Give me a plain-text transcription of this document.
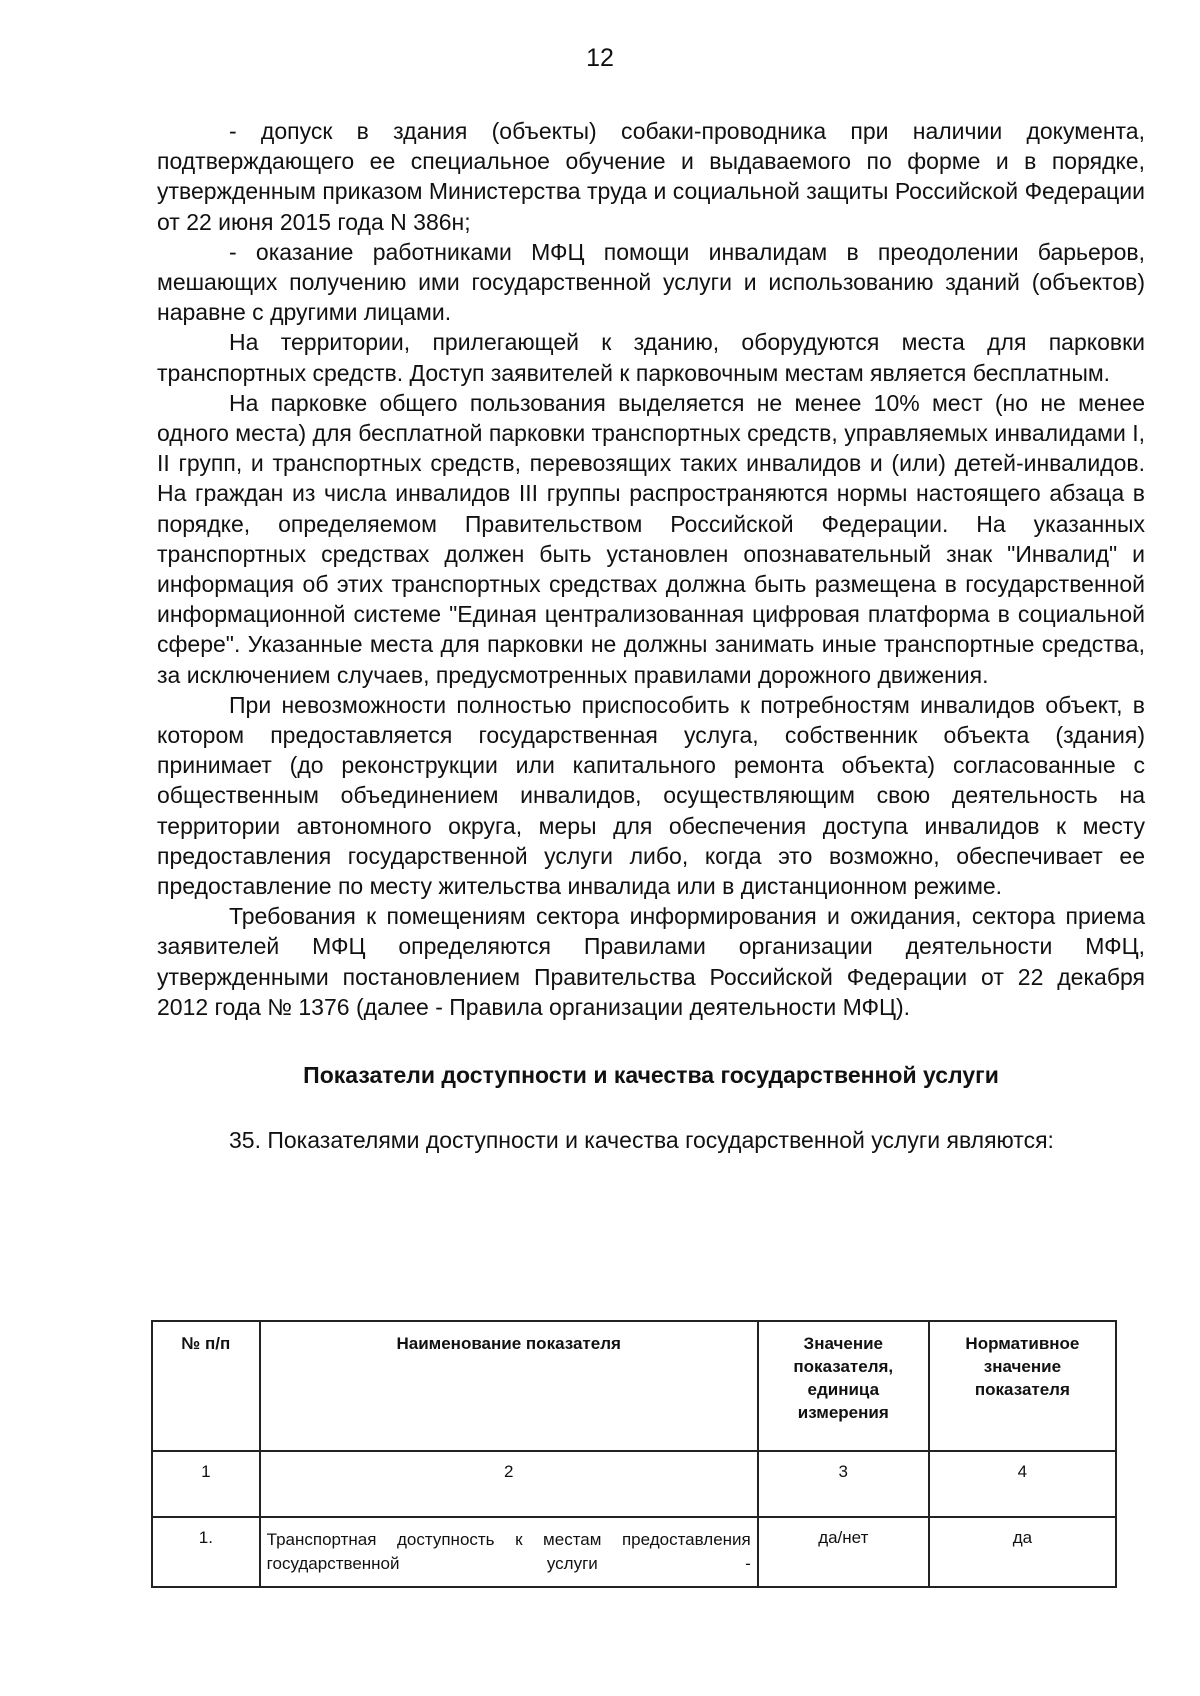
12

- допуск в здания (объекты) собаки-проводника при наличии документа, подтверждающего ее специальное обучение и выдаваемого по форме и в порядке, утвержденным приказом Министерства труда и социальной защиты Российской Федерации от 22 июня 2015 года N 386н;

- оказание работниками МФЦ помощи инвалидам в преодолении барьеров, мешающих получению ими государственной услуги и использованию зданий (объектов) наравне с другими лицами.

На территории, прилегающей к зданию, оборудуются места для парковки транспортных средств. Доступ заявителей к парковочным местам является бесплатным.

На парковке общего пользования выделяется не менее 10% мест (но не менее одного места) для бесплатной парковки транспортных средств, управляемых инвалидами I, II групп, и транспортных средств, перевозящих таких инвалидов и (или) детей-инвалидов. На граждан из числа инвалидов III группы распространяются нормы настоящего абзаца в порядке, определяемом Правительством Российской Федерации. На указанных транспортных средствах должен быть установлен опознавательный знак "Инвалид" и информация об этих транспортных средствах должна быть размещена в государственной информационной системе "Единая централизованная цифровая платформа в социальной сфере". Указанные места для парковки не должны занимать иные транспортные средства, за исключением случаев, предусмотренных правилами дорожного движения.

При невозможности полностью приспособить к потребностям инвалидов объект, в котором предоставляется государственная услуга, собственник объекта (здания) принимает (до реконструкции или капитального ремонта объекта) согласованные с общественным объединением инвалидов, осуществляющим свою деятельность на территории автономного округа, меры для обеспечения доступа инвалидов к месту предоставления государственной услуги либо, когда это возможно, обеспечивает ее предоставление по месту жительства инвалида или в дистанционном режиме.

Требования к помещениям сектора информирования и ожидания, сектора приема заявителей МФЦ определяются Правилами организации деятельности МФЦ, утвержденными постановлением Правительства Российской Федерации от 22 декабря 2012 года № 1376 (далее - Правила организации деятельности МФЦ).

Показатели доступности и качества государственной услуги

35. Показателями доступности и качества государственной услуги являются:

№ п/п	Наименование показателя	Значение показателя, единица измерения	Нормативное значение показателя
1	2	3	4
1.	Транспортная доступность к местам предоставления государственной услуги -	да/нет	да
